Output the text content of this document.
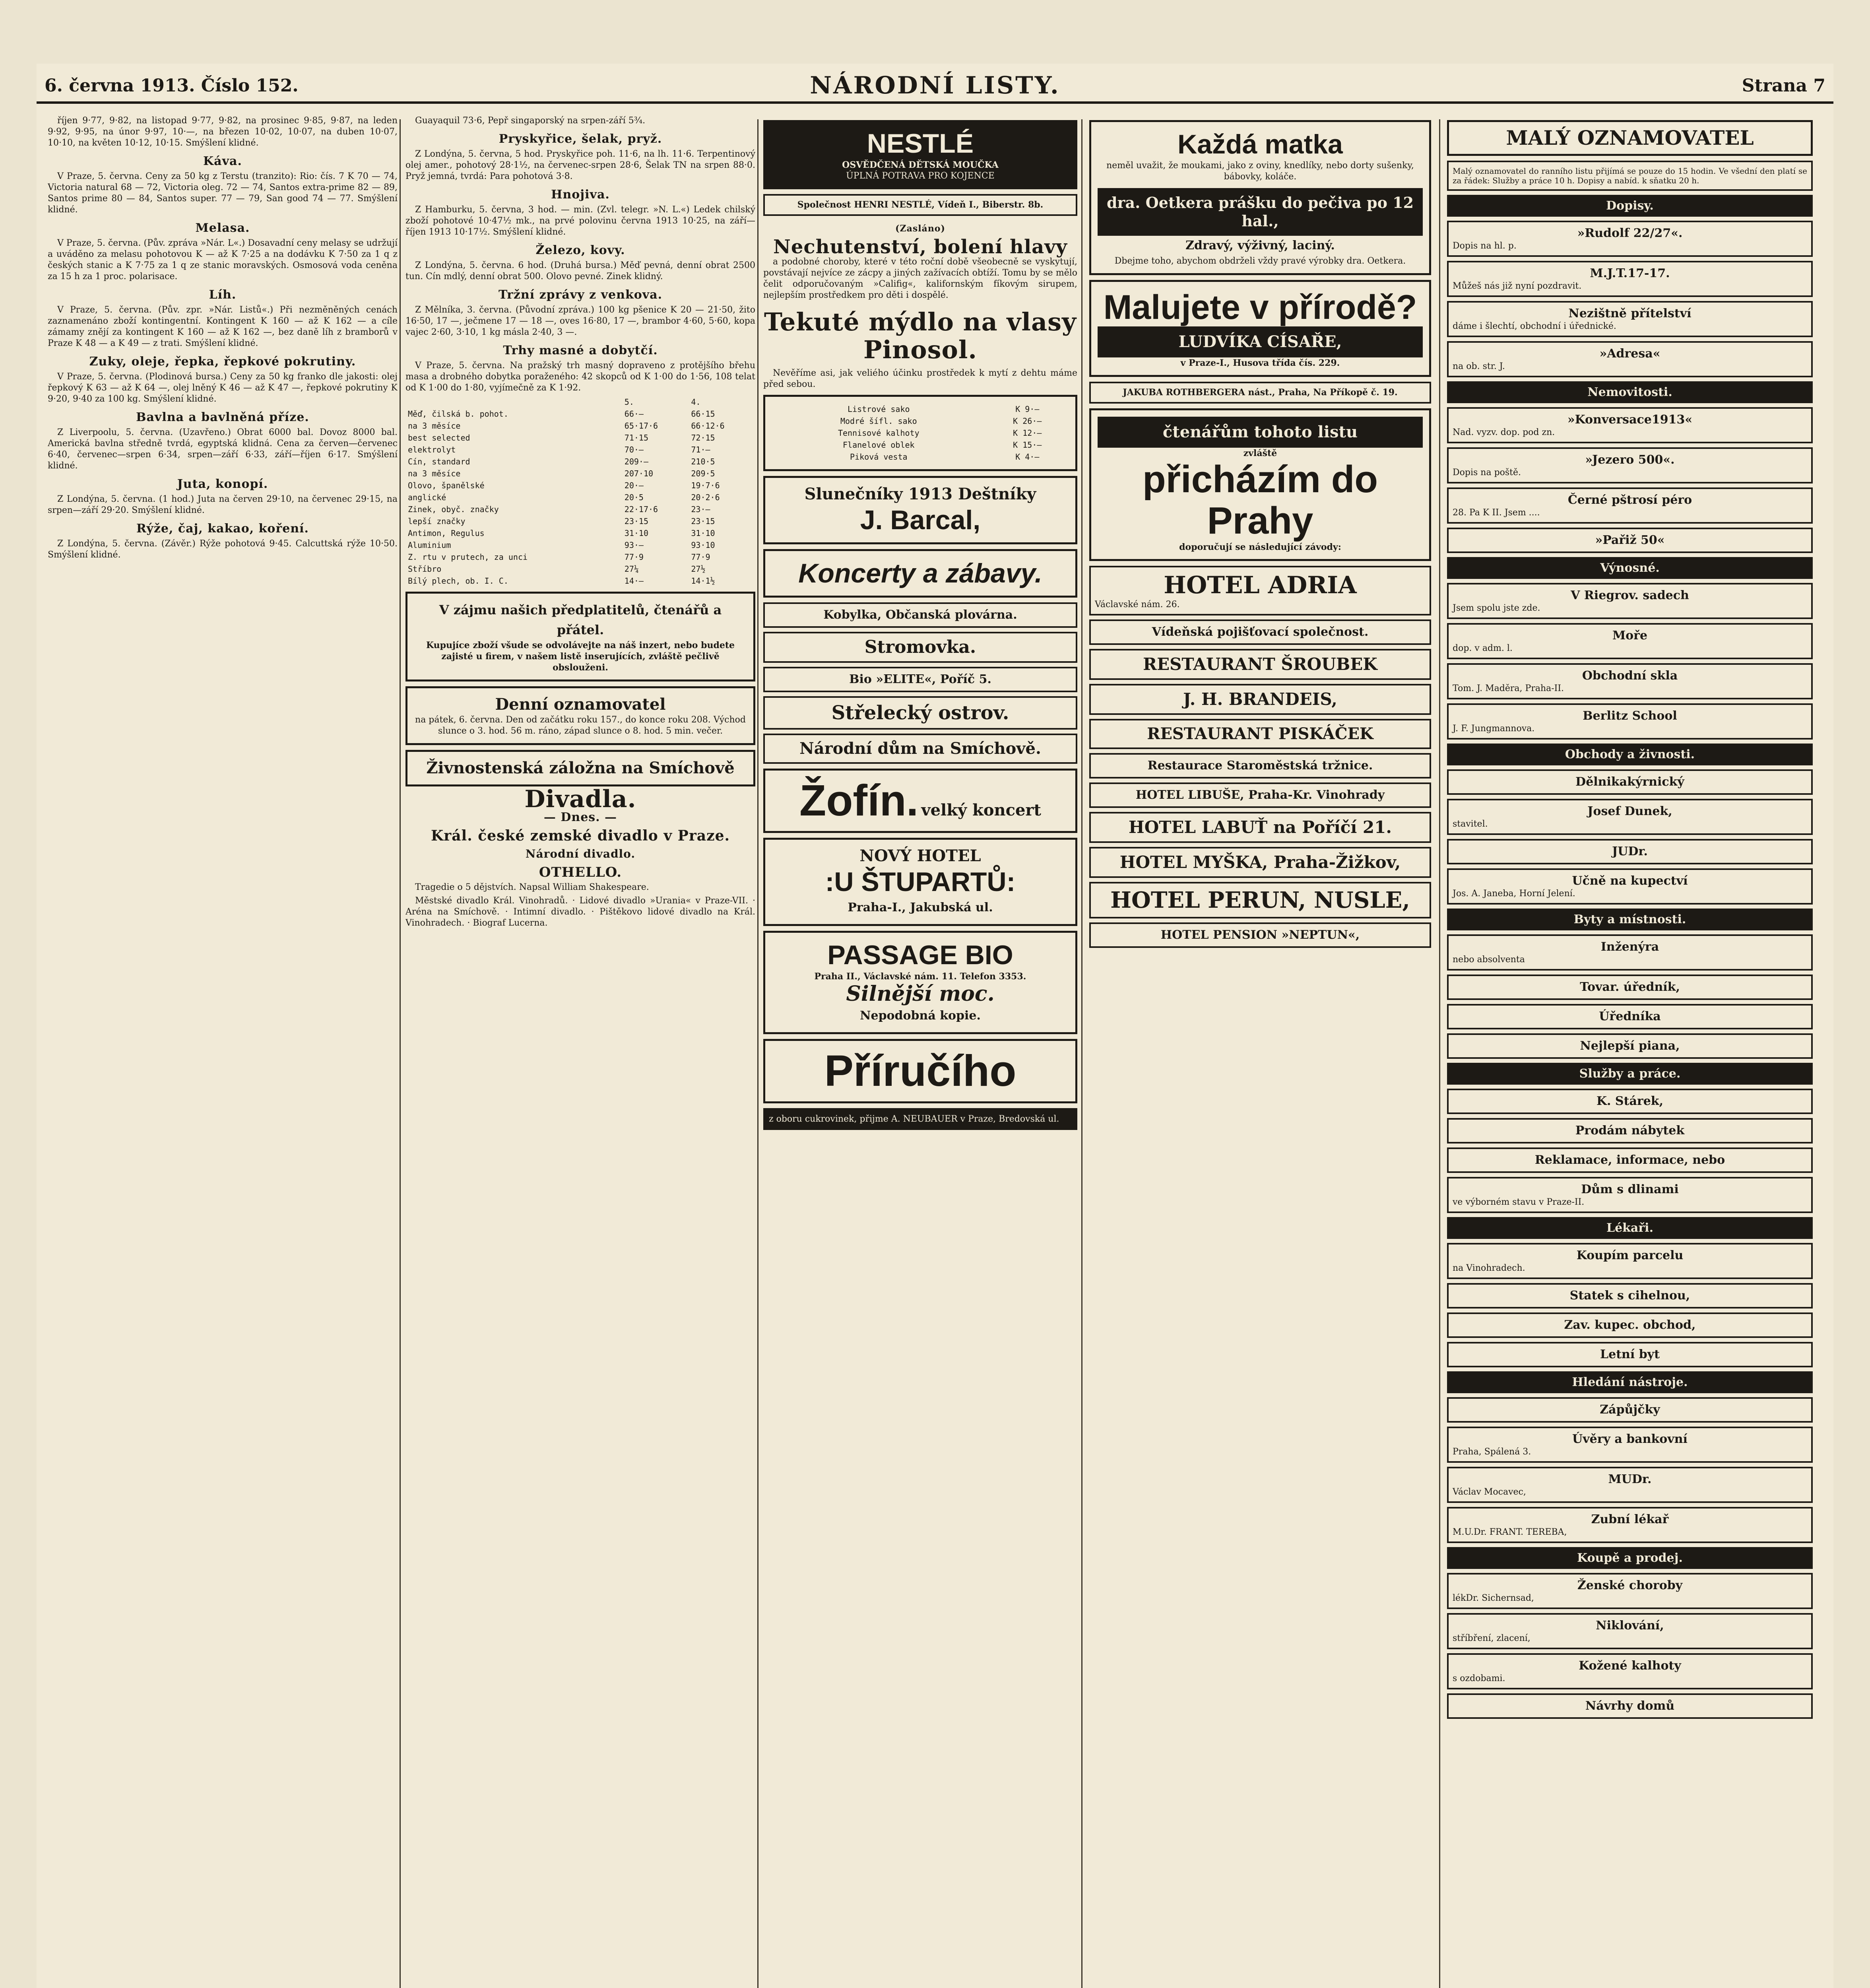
6. června 1913. Číslo 152.	NÁRODNÍ LISTY.	Strana 7

říjen 9·77, 9·82, na listopad 9·77, 9·82, na prosinec 9·85, 9·87, na leden 9·92, 9·95, na únor 9·97, 10·—, na březen 10·02, 10·07, na duben 10·07, 10·10, na květen 10·12, 10·15. Smýšlení klidné.

Káva.

V Praze, 5. června. Ceny za 50 kg z Terstu (tranzito): Rio: čís. 7 K 70 — 74, Victoria natural 68 — 72, Victoria oleg. 72 — 74, Santos extra-prime 82 — 89, Santos prime 80 — 84, Santos super. 77 — 79, San good 74 — 77. Smýšlení klidné.

Melasa.

V Praze, 5. června. (Pův. zpráva »Nár. L«.) Dosavadní ceny melasy se udržují a uváděno za melasu pohotovou K — až K 7·25 a na dodávku K 7·50 za 1 q z českých stanic a K 7·75 za 1 q ze stanic moravských. Osmosová voda ceněna za 15 h za 1 proc. polarisace.

Líh.

V Praze, 5. června. (Pův. zpr. »Nár. Listů«.) Při nezměněných cenách zaznamenáno zboží kontingentní. Kontingent K 160 — až K 162 — a cíle zámamy znějí za kontingent K 160 — až K 162 —, bez daně líh z bramborů v Praze K 48 — a K 49 — z trati. Smýšlení klidné.

Zuky, oleje, řepka, řepkové pokrutiny.

V Praze, 5. června. (Plodinová bursa.) Ceny za 50 kg franko dle jakosti: olej řepkový K 63 — až K 64 —, olej lněný K 46 — až K 47 —, řepkové pokrutiny K 9·20, 9·40 za 100 kg. Smýšlení klidné.

Bavlna a bavlněná příze.

Z Liverpoolu, 5. června. (Uzavřeno.) Obrat 6000 bal. Dovoz 8000 bal. Americká bavlna středně tvrdá, egyptská klidná. Cena za červen—červenec 6·40, červenec—srpen 6·34, srpen—září 6·33, září—říjen 6·17. Smýšlení klidné.

Juta, konopí.

Z Londýna, 5. června. (1 hod.) Juta na červen 29·10, na červenec 29·15, na srpen—září 29·20. Smýšlení klidné.

Rýže, čaj, kakao, koření.

Z Londýna, 5. června. (Závěr.) Rýže pohotová 9·45. Calcuttská rýže 10·50. Smýšlení klidné.

Guayaquil 73·6, Pepř singaporský na srpen-září 5¾.

Pryskyřice, šelak, pryž.

Z Londýna, 5. června, 5 hod. Pryskyřice poh. 11·6, na lh. 11·6. Terpentinový olej amer., pohotový 28·1½, na červenec-srpen 28·6, Šelak TN na srpen 88·0. Pryž jemná, tvrdá: Para pohotová 3·8.

Hnojiva.

Z Hamburku, 5. června, 3 hod. — min. (Zvl. telegr. »N. L.«) Ledek chilský zboží pohotové 10·47½ mk., na prvé polovinu června 1913 10·25, na září—říjen 1913 10·17½. Smýšlení klidné.

Železo, kovy.

Z Londýna, 5. června. 6 hod. (Druhá bursa.) Měď pevná, denní obrat 2500 tun. Cín mdlý, denní obrat 500. Olovo pevné. Zinek klidný.

Tržní zprávy z venkova.

Z Mělníka, 3. června. (Původní zpráva.) 100 kg pšenice K 20 — 21·50, žito 16·50, 17 —, ječmene 17 — 18 —, oves 16·80, 17 —, brambor 4·60, 5·60, kopa vajec 2·60, 3·10, 1 kg másla 2·40, 3 —.

Trhy masné a dobytčí.

V Praze, 5. června. Na pražský trh masný dopraveno z protějšího břehu masa a drobného dobytka poraženého: 42 skopců od K 1·00 do 1·56, 108 telat od K 1·00 do 1·80, vyjímečně za K 1·92.

	5.	4.
Měď, čilská b. pohot.	66·—	66·15
na 3 měsíce	65·17·6	66·12·6
best selected	71·15	72·15
elektrolyt	70·—	71·—
Cín, standard	209·—	210·5
na 3 měsíce	207·10	209·5
Olovo, španělské	20·—	19·7·6
anglické	20·5	20·2·6
Zinek, obyč. značky	22·17·6	23·—
lepší značky	23·15	23·15
Antimon, Regulus	31·10	31·10
Aluminium	93·—	93·10
Z. rtu v prutech, za unci	77·9	77·9
Stříbro	27¼	27½
Bílý plech, ob. I. C.	14·—	14·1½
V zájmu našich předplatitelů, čtenářů a přátel.
Kupujíce zboží všude se odvolávejte na náš inzert, nebo budete zajisté u firem, v našem listě inserujících, zvláště pečlivě obslouženi.
Denní oznamovatel
na pátek, 6. června. Den od začátku roku 157., do konce roku 208. Východ slunce o 3. hod. 56 m. ráno, západ slunce o 8. hod. 5 min. večer.
Živnostenská záložna na Smíchově
Divadla.
— Dnes. —
Král. české zemské divadlo v Praze.
Národní divadlo.
OTHELLO.

Tragedie o 5 dějstvích. Napsal William Shakespeare.

Městské divadlo Král. Vinohradů. · Lidové divadlo »Urania« v Praze-VII. · Aréna na Smíchově. · Intimní divadlo. · Pištěkovo lidové divadlo na Král. Vinohradech. · Biograf Lucerna.

NESTLÉ
OSVĚDČENÁ DĚTSKÁ MOUČKA
ÚPLNÁ POTRAVA PRO KOJENCE
Společnost HENRI NESTLÉ, Vídeň I., Biberstr. 8b.
(Zasláno)
Nechutenství, bolení hlavy

a podobné choroby, které v této roční době všeobecně se vyskytují, povstávají nejvíce ze zácpy a jiných zažívacích obtíží. Tomu by se mělo čelit odporučovaným »Califig«, kalifornským fíkovým sirupem, nejlepším prostředkem pro děti i dospělé.

Tekuté mýdlo na vlasy Pinosol.

Nevěříme asi, jak veliého účinku prostředek k mytí z dehtu máme před sebou.

Listrové sako	K 9·—
Modré šífl. sako	K 26·—
Tennisové kalhoty	K 12·—
Flanelové oblek	K 15·—
Piková vesta	K 4·—
Slunečníky 1913 Deštníky
J. Barcal,
Koncerty a zábavy.
Kobylka, Občanská plovárna.
Stromovka.
Bio »ELITE«, Poříč 5.
Střelecký ostrov.
Národní dům na Smíchově.
Žofín. velký koncert
NOVÝ HOTEL
:U ŠTUPARTŮ:
Praha-I., Jakubská ul.
PASSAGE BIO
Praha II., Václavské nám. 11. Telefon 3353.
Silnější moc.
Nepodobná kopie.
Příručího
z oboru cukrovinek, přijme A. NEUBAUER v Praze, Bredovská ul.
Každá matka
neměl uvažit, že moukami, jako z oviny, knedlíky, nebo dorty sušenky, bábovky, koláče.
dra. Oetkera prášku do pečiva po 12 hal.,
Zdravý, výživný, laciný.
Dbejme toho, abychom obdrželi vždy pravé výrobky dra. Oetkera.
Malujete v přírodě?
LUDVÍKA CÍSAŘE,
v Praze-I., Husova třída čís. 229.
JAKUBA ROTHBERGERA nást., Praha, Na Příkopě č. 19.
čtenářům tohoto listu
zvláště
přicházím do Prahy
doporučují se následující závody:
HOTEL ADRIA
Václavské nám. 26.
Vídeňská pojišťovací společnost.
RESTAURANT ŠROUBEK
J. H. BRANDEIS,
RESTAURANT PISKÁČEK
Restaurace Staroměstská tržnice.
HOTEL LIBUŠE, Praha-Kr. Vinohrady
HOTEL LABUŤ na Poříčí 21.
HOTEL MYŠKA, Praha-Žižkov,
HOTEL PERUN, NUSLE,
HOTEL PENSION »NEPTUN«,
MALÝ OZNAMOVATEL
Malý oznamovatel do ranního listu přijímá se pouze do 15 hodin. Ve všední den platí se za řádek: Služby a práce 10 h. Dopisy a nabíd. k sňatku 20 h.
Dopisy.
»Rudolf 22/27«.
Dopis na hl. p.
M.J.T.17-17.
Můžeš nás již nyní pozdravit.
Nezištně přítelství
dáme i šlechtí, obchodní i úřednické.
»Adresa«
na ob. str. J.
Nemovitosti.
»Konversace1913«
Nad. vyzv. dop. pod zn.
»Jezero 500«.
Dopis na poště.
Černé pštrosí péro
28. Pa K II. Jsem ....
»Pařiž 50«
Výnosné.
V Riegrov. sadech
Jsem spolu jste zde.
Moře
dop. v adm. l.
Obchodní skla
Tom. J. Maděra, Praha-II.
Berlitz School
J. F. Jungmannova.
Obchody a živnosti.
Dělnikakýrnický
Josef Dunek,
stavitel.
JUDr.
Učně na kupectví
Jos. A. Janeba, Horní Jelení.
Byty a místnosti.
Inženýra
nebo absolventa
Tovar. úředník,
Úředníka
Nejlepší piana,
Služby a práce.
K. Stárek,
Prodám nábytek
Reklamace, informace, nebo
Dům s dlinami
ve výborném stavu v Praze-II.
Lékaři.
Koupím parcelu
na Vinohradech.
Statek s cihelnou,
Zav. kupec. obchod,
Letní byt
Hledání nástroje.
Zápůjčky
Úvěry a bankovní
Praha, Spálená 3.
MUDr.
Václav Mocavec,
Zubní lékař
M.U.Dr. FRANT. TEREBA,
Koupě a prodej.
Ženské choroby
lékDr. Sichernsad,
Niklování,
stříbření, zlacení,
Kožené kalhoty
s ozdobami.
Návrhy domů
